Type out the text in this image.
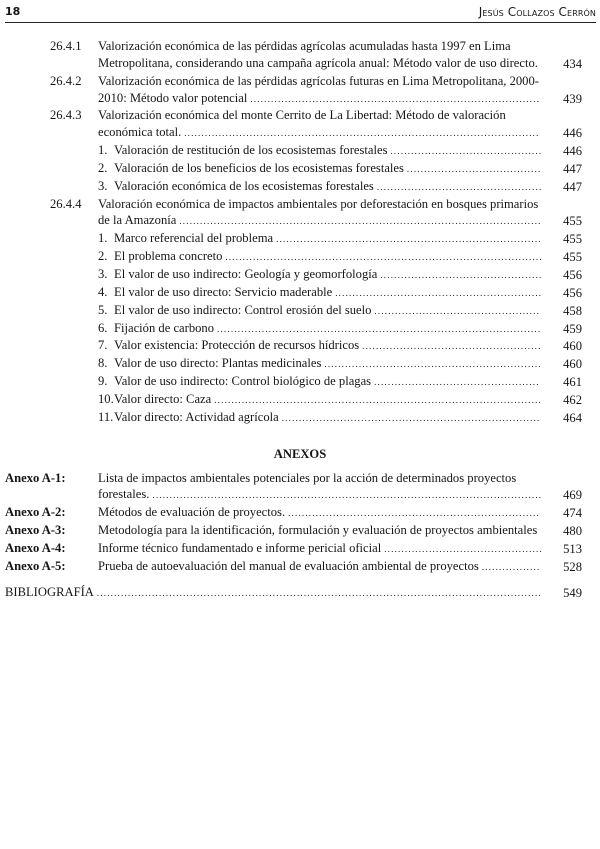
18	Jesús Collazos Cerrón
26.4.1	Valorización económica de las pérdidas agrícolas acumuladas hasta 1997 en Lima Metropolitana, considerando una campaña agrícola anual: Método valor de uso directo.	434
26.4.2	Valorización económica de las pérdidas agrícolas futuras en Lima Metropolitana, 2000-2010: Método valor potencial ....................................................................................	439
26.4.3	Valorización económica del monte Cerrito de La Libertad: Método de valoración económica total. .......................................................................................................	446
1. Valoración de restitución de los ecosistemas forestales ............................................	446
2. Valoración de los beneficios de los ecosistemas forestales .......................................	447
3. Valoración económica de los ecosistemas forestales ................................................	447
26.4.4	Valoración económica de impactos ambientales por deforestación en bosques primarios de la Amazonía .........................................................................................................	455
1. Marco referencial del problema .............................................................................	455
2. El problema concreto ............................................................................................	455
3. El valor de uso indirecto: Geología y geomorfología ...............................................	456
4. El valor de uso directo: Servicio maderable ............................................................	456
5. El valor de uso indirecto: Control erosión del suelo ................................................	458
6. Fijación de carbono ..............................................................................................	459
7. Valor existencia: Protección de recursos hídricos ....................................................	460
8. Valor de uso directo: Plantas medicinales ...............................................................	460
9. Valor de uso indirecto: Control biológico de plagas ................................................	461
10. Valor directo: Caza ...............................................................................................	462
11. Valor directo: Actividad agrícola ...........................................................................	464
ANEXOS
Anexo A-1:	Lista de impactos ambientales potenciales por la acción de determinados proyectos forestales. .................................................................................................................	469
Anexo A-2:	Métodos de evaluación de proyectos. .........................................................................	474
Anexo A-3:	Metodología para la identificación, formulación y evaluación de proyectos ambientales	480
Anexo A-4:	Informe técnico fundamentado e informe pericial oficial ..............................................	513
Anexo A-5:	Prueba de autoevaluación del manual de evaluación ambiental de proyectos .................	528
BIBLIOGRAFÍA .................................................................................................................................	549
